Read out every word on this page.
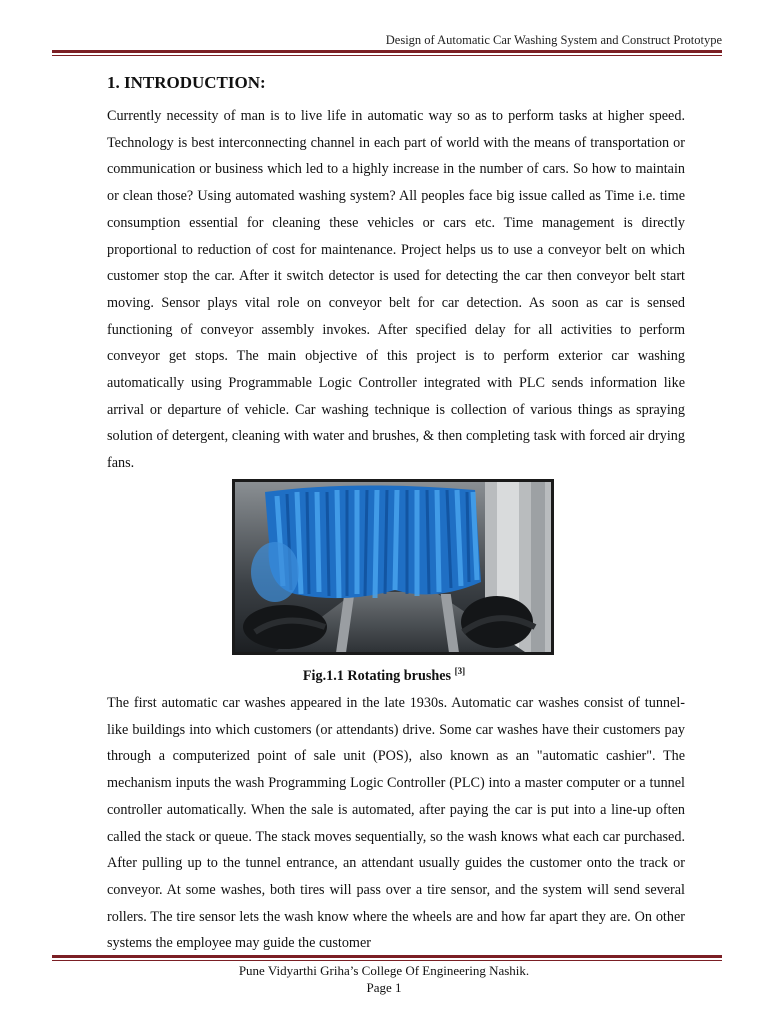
Design of Automatic Car Washing System and Construct Prototype
1. INTRODUCTION:

Currently necessity of man is to live life in automatic way so as to perform tasks at higher speed. Technology is best interconnecting channel in each part of world with the means of transportation or communication or business which led to a highly increase in the number of cars. So how to maintain or clean those? Using automated washing system? All peoples face big issue called as Time i.e. time consumption essential for cleaning these vehicles or cars etc. Time management is directly proportional to reduction of cost for maintenance. Project helps us to use a conveyor belt on which customer stop the car. After it switch detector is used for detecting the car then conveyor belt start moving. Sensor plays vital role on conveyor belt for car detection. As soon as car is sensed functioning of conveyor assembly invokes. After specified delay for all activities to perform conveyor get stops. The main objective of this project is to perform exterior car washing automatically using Programmable Logic Controller integrated with PLC sends information like arrival or departure of vehicle. Car washing technique is collection of various things as spraying solution of detergent, cleaning with water and brushes, & then completing task with forced air drying fans.

Fig.1.1 Rotating brushes [3]

The first automatic car washes appeared in the late 1930s. Automatic car washes consist of tunnel-like buildings into which customers (or attendants) drive. Some car washes have their customers pay through a computerized point of sale unit (POS), also known as an "automatic cashier". The mechanism inputs the wash Programming Logic Controller (PLC) into a master computer or a tunnel controller automatically. When the sale is automated, after paying the car is put into a line-up often called the stack or queue. The stack moves sequentially, so the wash knows what each car purchased. After pulling up to the tunnel entrance, an attendant usually guides the customer onto the track or conveyor. At some washes, both tires will pass over a tire sensor, and the system will send several rollers. The tire sensor lets the wash know where the wheels are and how far apart they are. On other systems the employee may guide the customer

Pune Vidyarthi Griha’s College Of Engineering Nashik.
Page 1
